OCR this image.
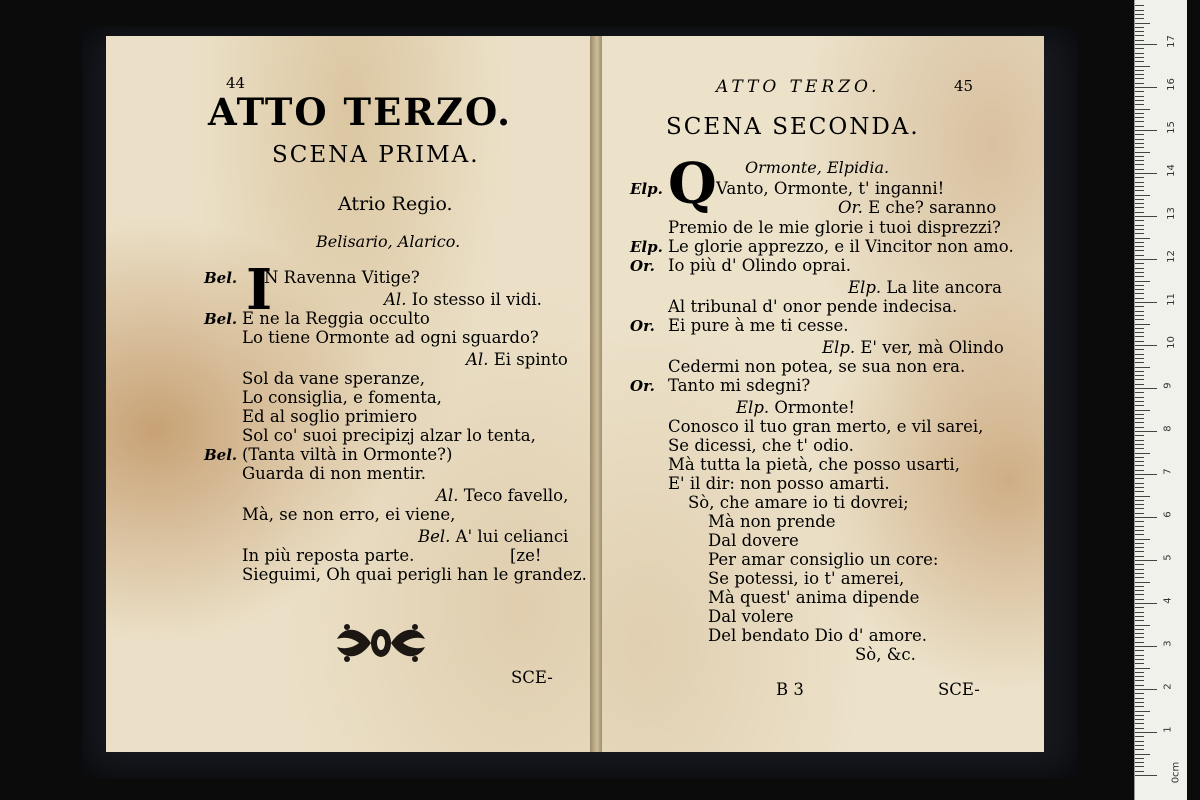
44
ATTO TERZO.
SCENA PRIMA.
Atrio Regio.
Belisario, Alarico.
I
Bel. N Ravenna Vitige?
Al. Io stesso il vidi.
Bel. E ne la Reggia occulto
Lo tiene Ormonte ad ogni sguardo?
Al. Ei spinto
Sol da vane speranze,
Lo consiglia, e fomenta,
Ed al soglio primiero
Sol co' suoi precipizj alzar lo tenta,
Bel. (Tanta viltà in Ormonte?)
Guarda di non mentir.
Al. Teco favello,
Mà, se non erro, ei viene,
Bel. A' lui celianci
In più reposta parte.	[ze!
Sieguimi, Oh quai perigli han le grandez.
SCE-
ATTO TERZO.	45
SCENA SECONDA.
Ormonte, Elpidia.
Q
Elp.	Vanto, Ormonte, t' inganni!
Or. E che? saranno
Premio de le mie glorie i tuoi disprezzi?
Elp. Le glorie apprezzo, e il Vincitor non amo.
Or. Io più d' Olindo oprai.
Elp. La lite ancora
Al tribunal d' onor pende indecisa.
Or. Ei pure à me ti cesse.
Elp. E' ver, mà Olindo
Cedermi non potea, se sua non era.
Or. Tanto mi sdegni?
Elp. Ormonte!
Conosco il tuo gran merto, e vil sarei,
Se dicessi, che t' odio.
Mà tutta la pietà, che posso usarti,
E' il dir: non posso amarti.
Sò, che amare io ti dovrei;
Mà non prende
Dal dovere
Per amar consiglio un core:
Se potessi, io t' amerei,
Mà quest' anima dipende
Dal volere
Del bendato Dio d' amore.
Sò, &c.
B 3	SCE-
0cm
1
2
3
4
5
6
7
8
9
10
11
12
13
14
15
16
17
